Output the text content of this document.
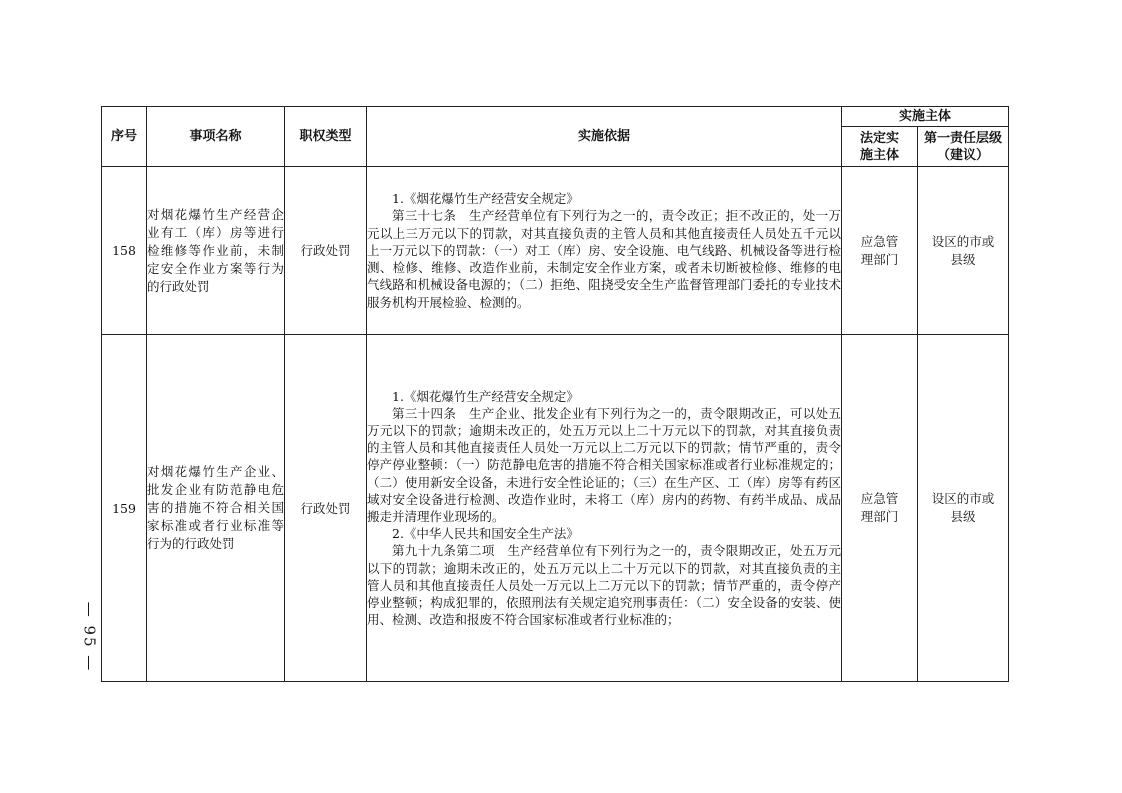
— 95 —
序号	事项名称	职权类型	实施依据	实施主体	
				法定实施主体	第一责任层级（建议）
158	对烟花爆竹生产经营企业有工（库）房等进行检维修等作业前，未制定安全作业方案等行为的行政处罚	行政处罚	1.《烟花爆竹生产经营安全规定》

第三十七条　生产经营单位有下列行为之一的，责令改正；拒不改正的，处一万元以上三万元以下的罚款，对其直接负责的主管人员和其他直接责任人员处五千元以上一万元以下的罚款：（一）对工（库）房、安全设施、电气线路、机械设备等进行检测、检修、维修、改造作业前，未制定安全作业方案，或者未切断被检修、维修的电气线路和机械设备电源的；（二）拒绝、阻挠受安全生产监督管理部门委托的专业技术服务机构开展检验、检测的。	应急管理部门	设区的市或县级
159	对烟花爆竹生产企业、批发企业有防范静电危害的措施不符合相关国家标准或者行业标准等行为的行政处罚	行政处罚	1.《烟花爆竹生产经营安全规定》

第三十四条　生产企业、批发企业有下列行为之一的，责令限期改正，可以处五万元以下的罚款；逾期未改正的，处五万元以上二十万元以下的罚款，对其直接负责的主管人员和其他直接责任人员处一万元以上二万元以下的罚款；情节严重的，责令停产停业整顿：（一）防范静电危害的措施不符合相关国家标准或者行业标准规定的；（二）使用新安全设备，未进行安全性论证的；（三）在生产区、工（库）房等有药区域对安全设备进行检测、改造作业时，未将工（库）房内的药物、有药半成品、成品搬走并清理作业现场的。

2.《中华人民共和国安全生产法》

第九十九条第二项　生产经营单位有下列行为之一的，责令限期改正，处五万元以下的罚款；逾期未改正的，处五万元以上二十万元以下的罚款，对其直接负责的主管人员和其他直接责任人员处一万元以上二万元以下的罚款；情节严重的，责令停产停业整顿；构成犯罪的，依照刑法有关规定追究刑事责任：（二）安全设备的安装、使用、检测、改造和报废不符合国家标准或者行业标准的；	应急管理部门	设区的市或县级
